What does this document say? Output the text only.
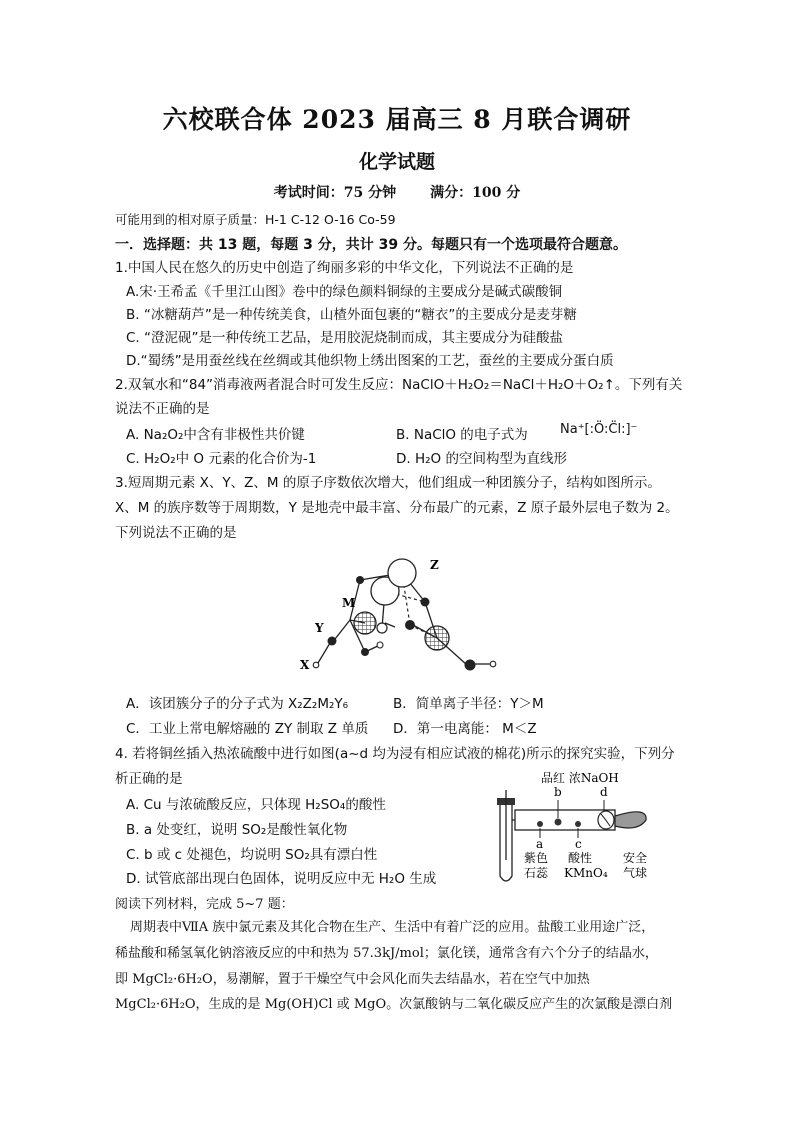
六校联合体 2023 届高三 8 月联合调研
化学试题
考试时间：75 分钟 满分：100 分
可能用到的相对原子质量：H-1 C-12 O-16 Co-59
一．选择题：共 13 题，每题 3 分，共计 39 分。每题只有一个选项最符合题意。
1.中国人民在悠久的历史中创造了绚丽多彩的中华文化，下列说法不正确的是
A.宋·王希孟《千里江山图》卷中的绿色颜料铜绿的主要成分是碱式碳酸铜
B. “冰糖葫芦”是一种传统美食，山楂外面包裹的“糖衣”的主要成分是麦芽糖
C. “澄泥砚”是一种传统工艺品，是用胶泥烧制而成，其主要成分为硅酸盐
D.“蜀绣”是用蚕丝线在丝绸或其他织物上绣出图案的工艺，蚕丝的主要成分蛋白质
2.双氧水和“84”消毒液两者混合时可发生反应：NaClO＋H₂O₂＝NaCl＋H₂O＋O₂↑。下列有关
说法不正确的是
A. Na₂O₂中含有非极性共价键	B. NaClO 的电子式为 Na⁺[:Ö:C̈l:]⁻
C. H₂O₂中 O 元素的化合价为-1	D. H₂O 的空间构型为直线形
3.短周期元素 X、Y、Z、M 的原子序数依次增大，他们组成一种团簇分子，结构如图所示。
X、M 的族序数等于周期数，Y 是地壳中最丰富、分布最广的元素，Z 原子最外层电子数为 2。
下列说法不正确的是
Z
M
Y
X
A．该团簇分子的分子式为 X₂Z₂M₂Y₆	B．简单离子半径：Y＞M
C．工业上常电解熔融的 ZY 制取 Z 单质 D．第一电离能： M＜Z
4. 若将铜丝插入热浓硫酸中进行如图(a~d 均为浸有相应试液的棉花)所示的探究实验，下列分
析正确的是
A. Cu 与浓硫酸反应，只体现 H₂SO₄的酸性
B. a 处变红，说明 SO₂是酸性氧化物
C. b 或 c 处褪色，均说明 SO₂具有漂白性
D. 试管底部出现白色固体，说明反应中无 H₂O 生成
品红 浓NaOH
b	d
a	c
紫色
石蕊
酸性
KMnO₄
安全
气球
阅读下列材料，完成 5~7 题：
周期表中ⅦA 族中氯元素及其化合物在生产、生活中有着广泛的应用。盐酸工业用途广泛，
稀盐酸和稀氢氧化钠溶液反应的中和热为 57.3kJ/mol；氯化镁，通常含有六个分子的结晶水，
即 MgCl₂·6H₂O，易潮解，置于干燥空气中会风化而失去结晶水，若在空气中加热
MgCl₂·6H₂O，生成的是 Mg(OH)Cl 或 MgO。次氯酸钠与二氧化碳反应产生的次氯酸是漂白剂
